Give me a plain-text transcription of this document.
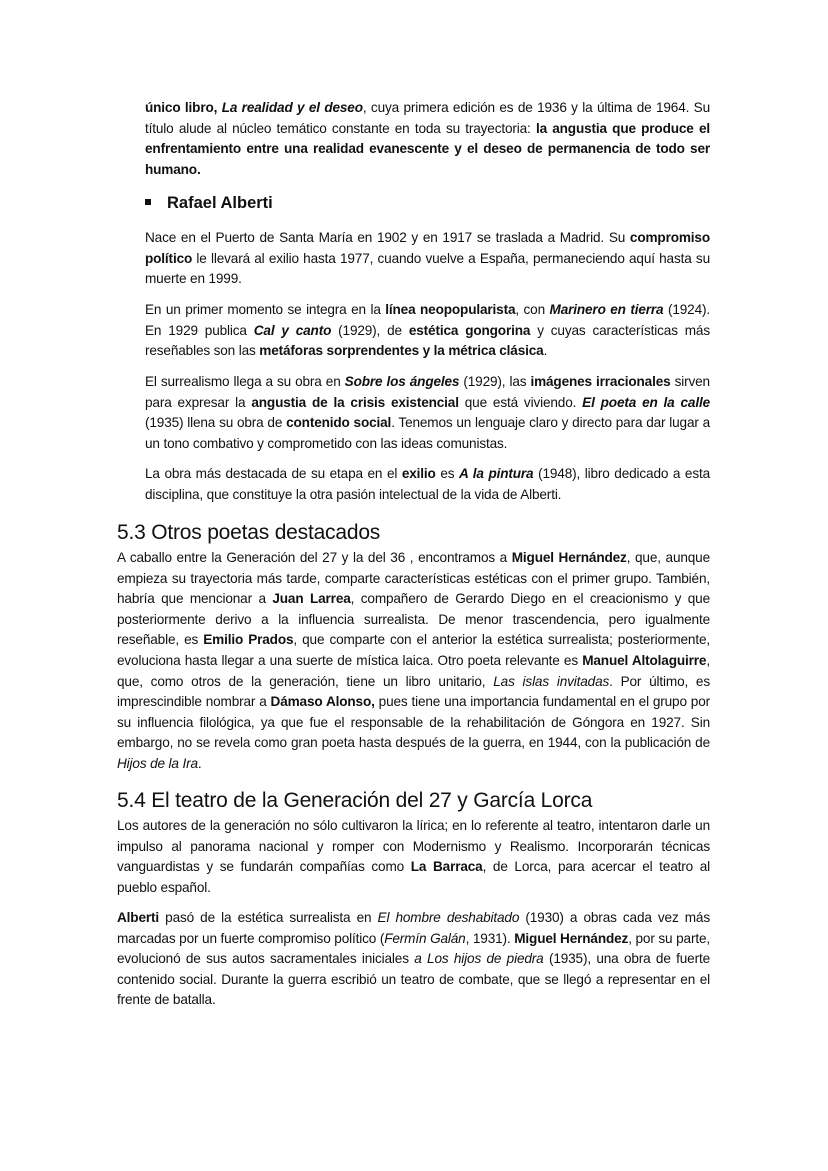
único libro, La realidad y el deseo, cuya primera edición es de 1936 y la última de 1964. Su título alude al núcleo temático constante en toda su trayectoria: la angustia que produce el enfrentamiento entre una realidad evanescente y el deseo de permanencia de todo ser humano.
Rafael Alberti
Nace en el Puerto de Santa María en 1902 y en 1917 se traslada a Madrid. Su compromiso político le llevará al exilio hasta 1977, cuando vuelve a España, permaneciendo aquí hasta su muerte en 1999.
En un primer momento se integra en la línea neopopularista, con Marinero en tierra (1924). En 1929 publica Cal y canto (1929), de estética gongorina y cuyas características más reseñables son las metáforas sorprendentes y la métrica clásica.
El surrealismo llega a su obra en Sobre los ángeles (1929), las imágenes irracionales sirven para expresar la angustia de la crisis existencial que está viviendo. El poeta en la calle (1935) llena su obra de contenido social. Tenemos un lenguaje claro y directo para dar lugar a un tono combativo y comprometido con las ideas comunistas.
La obra más destacada de su etapa en el exilio es A la pintura (1948), libro dedicado a esta disciplina, que constituye la otra pasión intelectual de la vida de Alberti.
5.3 Otros poetas destacados
A caballo entre la Generación del 27 y la del 36 , encontramos a Miguel Hernández, que, aunque empieza su trayectoria más tarde, comparte características estéticas con el primer grupo. También, habría que mencionar a Juan Larrea, compañero de Gerardo Diego en el creacionismo y que posteriormente derivo a la influencia surrealista. De menor trascendencia, pero igualmente reseñable, es Emilio Prados, que comparte con el anterior la estética surrealista; posteriormente, evoluciona hasta llegar a una suerte de mística laica. Otro poeta relevante es Manuel Altolaguirre, que, como otros de la generación, tiene un libro unitario, Las islas invitadas. Por último, es imprescindible nombrar a Dámaso Alonso, pues tiene una importancia fundamental en el grupo por su influencia filológica, ya que fue el responsable de la rehabilitación de Góngora en 1927. Sin embargo, no se revela como gran poeta hasta después de la guerra, en 1944, con la publicación de Hijos de la Ira.
5.4 El teatro de la Generación del 27 y García Lorca
Los autores de la generación no sólo cultivaron la lírica; en lo referente al teatro, intentaron darle un impulso al panorama nacional y romper con Modernismo y Realismo. Incorporarán técnicas vanguardistas y se fundarán compañías como La Barraca, de Lorca, para acercar el teatro al pueblo español.
Alberti pasó de la estética surrealista en El hombre deshabitado (1930) a obras cada vez más marcadas por un fuerte compromiso político (Fermín Galán, 1931). Miguel Hernández, por su parte, evolucionó de sus autos sacramentales iniciales a Los hijos de piedra (1935), una obra de fuerte contenido social. Durante la guerra escribió un teatro de combate, que se llegó a representar en el frente de batalla.
